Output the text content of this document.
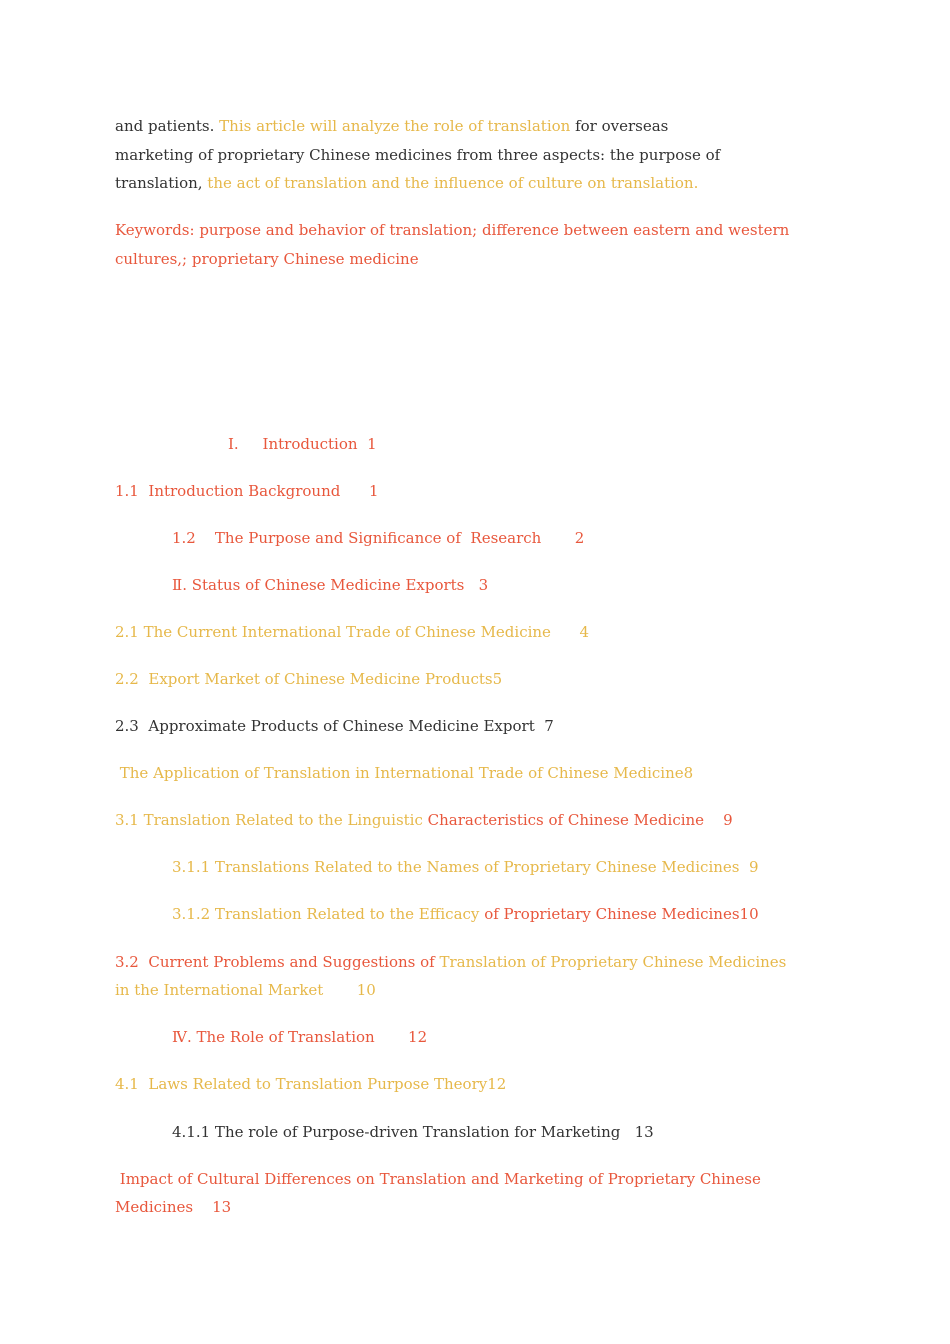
and patients. This article will analyze the role of translation for overseas
marketing of proprietary Chinese medicines from three aspects: the purpose of
translation, the act of translation and the influence of culture on translation.
Keywords: purpose and behavior of translation; difference between eastern and western
cultures,; proprietary Chinese medicine
Ⅰ.     Introduction  1
1.1  Introduction Background      1
1.2    The Purpose and Significance of  Research       2
Ⅱ. Status of Chinese Medicine Exports   3
2.1 The Current International Trade of Chinese Medicine      4
2.2  Export Market of Chinese Medicine Products5
2.3  Approximate Products of Chinese Medicine Export  7
The Application of Translation in International Trade of Chinese Medicine8
3.1 Translation Related to the Linguistic Characteristics of Chinese Medicine    9
3.1.1 Translations Related to the Names of Proprietary Chinese Medicines  9
3.1.2 Translation Related to the Efficacy of Proprietary Chinese Medicines10
3.2  Current Problems and Suggestions of Translation of Proprietary Chinese Medicines
in the International Market       10
Ⅳ. The Role of Translation       12
4.1  Laws Related to Translation Purpose Theory12
4.1.1 The role of Purpose-driven Translation for Marketing   13
Impact of Cultural Differences on Translation and Marketing of Proprietary Chinese
Medicines    13
